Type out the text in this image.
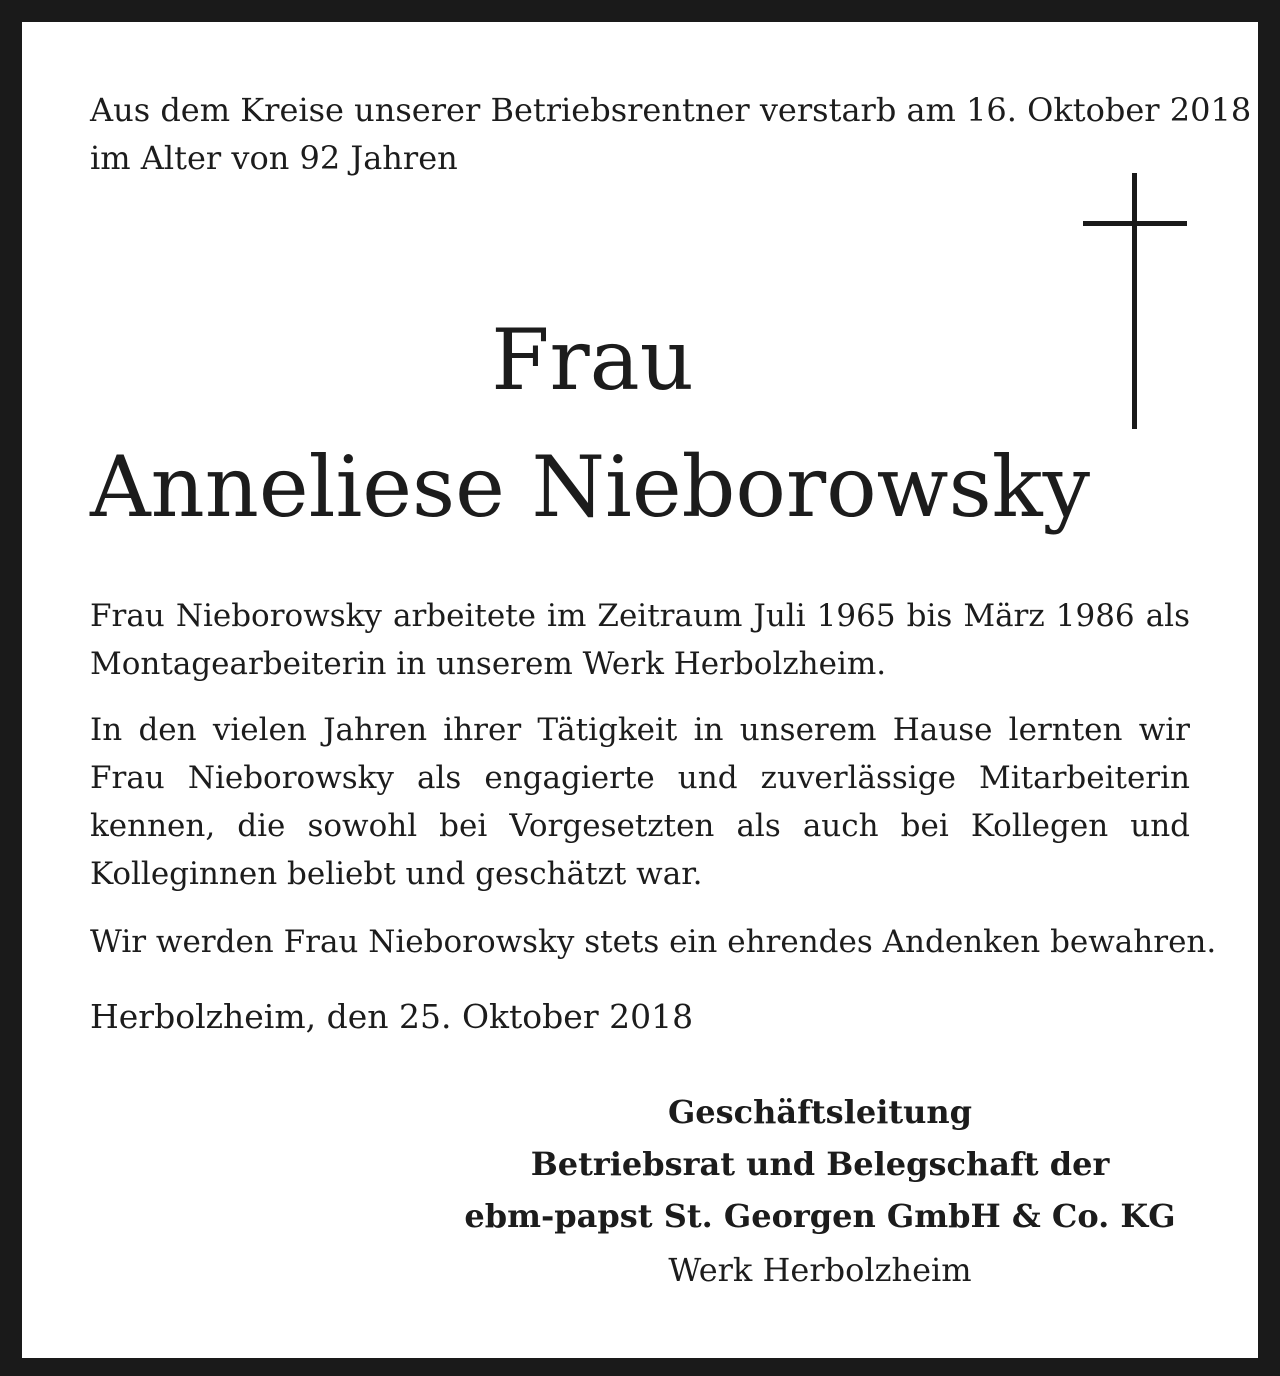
Aus dem Kreise unserer Betriebsrentner verstarb am 16. Oktober 2018
im Alter von 92 Jahren

Frau
Anneliese Nieborowsky

Frau Nieborowsky arbeitete im Zeitraum Juli 1965 bis März 1986 als Montagearbeiterin in unserem Werk Herbolzheim.

In den vielen Jahren ihrer Tätigkeit in unserem Hause lernten wir Frau Nieborowsky als engagierte und zuverlässige Mitarbeiterin kennen, die sowohl bei Vorgesetzten als auch bei Kollegen und Kolleginnen beliebt und geschätzt war.

Wir werden Frau Nieborowsky stets ein ehrendes Andenken bewahren.

Herbolzheim, den 25. Oktober 2018

Geschäftsleitung
Betriebsrat und Belegschaft der
ebm-papst St. Georgen GmbH & Co. KG
Werk Herbolzheim
